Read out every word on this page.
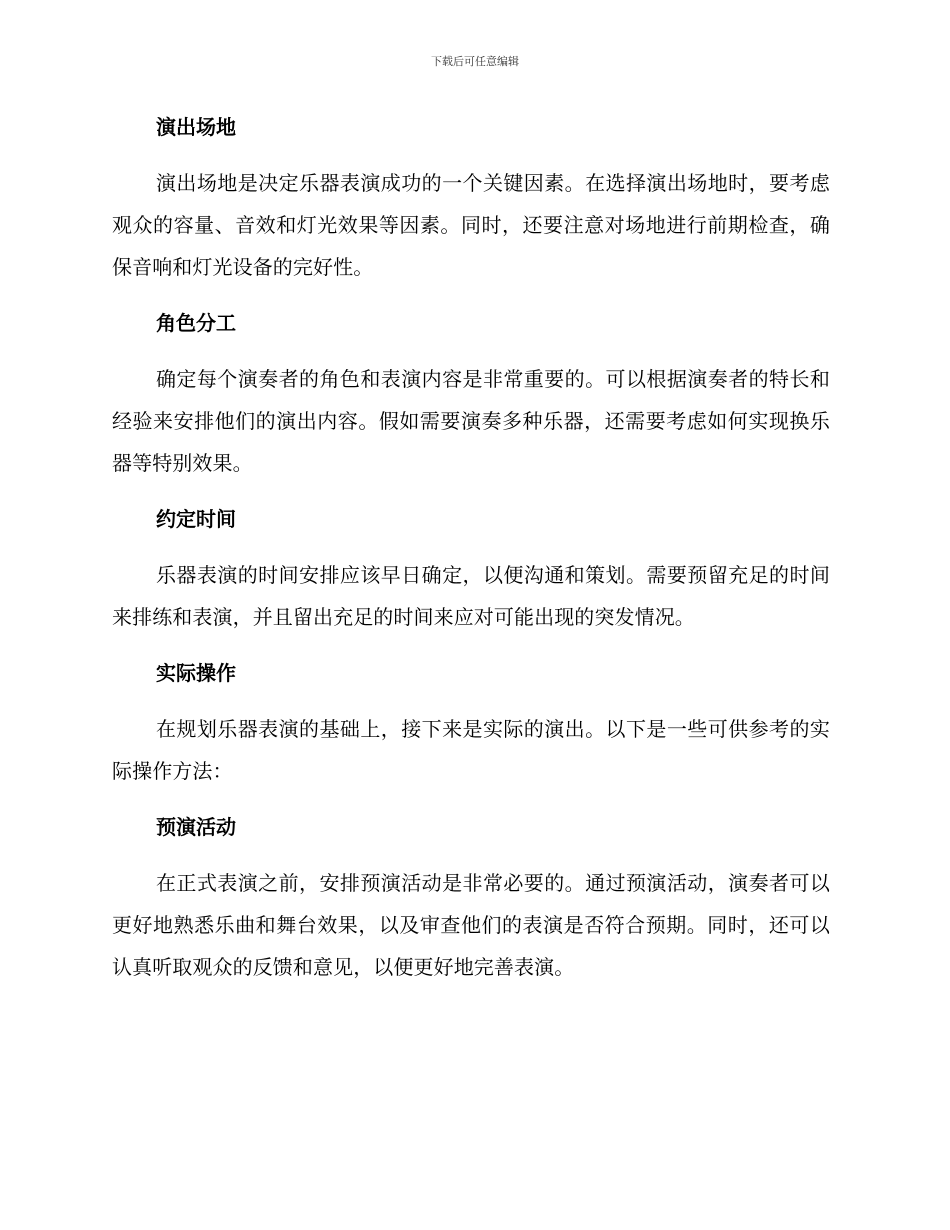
下载后可任意编辑
演出场地

演出场地是决定乐器表演成功的一个关键因素。在选择演出场地时，要考虑观众的容量、音效和灯光效果等因素。同时，还要注意对场地进行前期检查，确保音响和灯光设备的完好性。

角色分工

确定每个演奏者的角色和表演内容是非常重要的。可以根据演奏者的特长和经验来安排他们的演出内容。假如需要演奏多种乐器，还需要考虑如何实现换乐器等特别效果。

约定时间

乐器表演的时间安排应该早日确定，以便沟通和策划。需要预留充足的时间来排练和表演，并且留出充足的时间来应对可能出现的突发情况。

实际操作

在规划乐器表演的基础上，接下来是实际的演出。以下是一些可供参考的实际操作方法：

预演活动

在正式表演之前，安排预演活动是非常必要的。通过预演活动，演奏者可以更好地熟悉乐曲和舞台效果，以及审查他们的表演是否符合预期。同时，还可以认真听取观众的反馈和意见，以便更好地完善表演。
